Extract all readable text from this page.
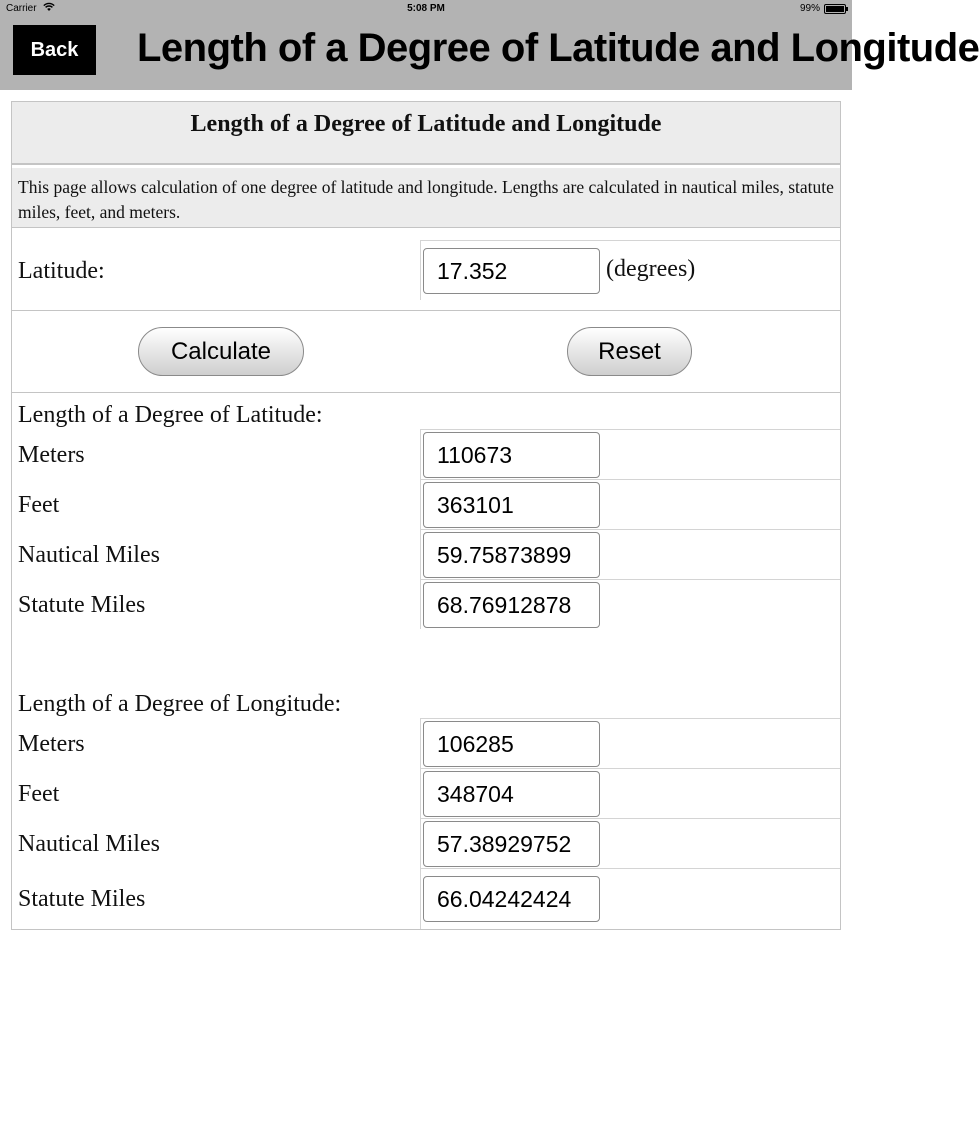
Carrier	5:08 PM	99%
Back	Length of a Degree of Latitude and Longitude
Length of a Degree of Latitude and Longitude
This page allows calculation of one degree of latitude and longitude. Lengths are calculated in nautical miles, statute miles, feet, and meters.
Latitude:	17.352	(degrees)
Calculate	Reset
Length of a Degree of Latitude:
Meters	110673
Feet	363101
Nautical Miles	59.75873899
Statute Miles	68.76912878
Length of a Degree of Longitude:
Meters	106285
Feet	348704
Nautical Miles	57.38929752
Statute Miles	66.04242424
